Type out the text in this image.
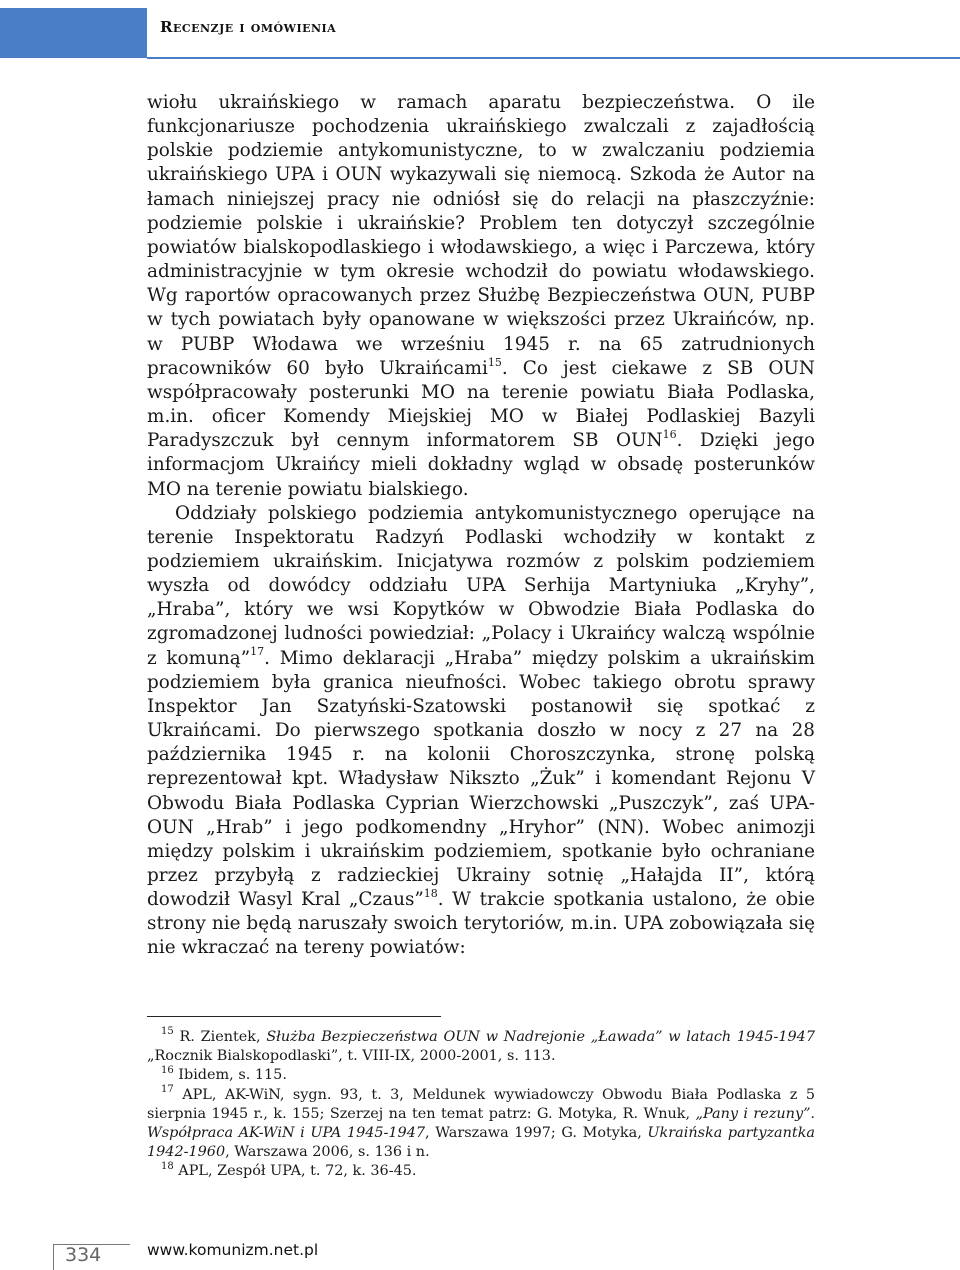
Recenzje i omówienia

wiołu ukraińskiego w ramach aparatu bezpieczeństwa. O ile funkcjonariusze pochodzenia ukraińskiego zwalczali z zajadłością polskie podziemie antykomunistyczne, to w zwalczaniu podziemia ukraińskiego UPA i OUN wykazywali się niemocą. Szkoda że Autor na łamach niniejszej pracy nie odniósł się do relacji na płaszczyźnie: podziemie polskie i ukraińskie? Problem ten dotyczył szczególnie powiatów bialskopodlaskiego i włodawskiego, a więc i Parczewa, który administracyjnie w tym okresie wchodził do powiatu włodawskiego. Wg raportów opracowanych przez Służbę Bezpieczeństwa OUN, PUBP w tych powiatach były opanowane w większości przez Ukraińców, np. w PUBP Włodawa we wrześniu 1945 r. na 65 zatrudnionych pracowników 60 było Ukraińcami$^{15}$. Co jest ciekawe z SB OUN współpracowały posterunki MO na terenie powiatu Biała Podlaska, m.in. oficer Komendy Miejskiej MO w Białej Podlaskiej Bazyli Paradyszczuk był cennym informatorem SB OUN$^{16}$. Dzięki jego informacjom Ukraińcy mieli dokładny wgląd w obsadę posterunków MO na terenie powiatu bialskiego.

Oddziały polskiego podziemia antykomunistycznego operujące na terenie Inspektoratu Radzyń Podlaski wchodziły w kontakt z podziemiem ukraińskim. Inicjatywa rozmów z polskim podziemiem wyszła od dowódcy oddziału UPA Serhija Martyniuka „Kryhy”, „Hraba”, który we wsi Kopytków w Obwodzie Biała Podlaska do zgromadzonej ludności powiedział: „Polacy i Ukraińcy walczą wspólnie z komuną”$^{17}$. Mimo deklaracji „Hraba” między polskim a ukraińskim podziemiem była granica nieufności. Wobec takiego obrotu sprawy Inspektor Jan Szatyński-Szatowski postanowił się spotkać z Ukraińcami. Do pierwszego spotkania doszło w nocy z 27 na 28 października 1945 r. na kolonii Choroszczynka, stronę polską reprezentował kpt. Władysław Nikszto „Żuk” i komendant Rejonu V Obwodu Biała Podlaska Cyprian Wierzchowski „Puszczyk”, zaś UPA-OUN „Hrab” i jego podkomendny „Hryhor” (NN). Wobec animozji między polskim i ukraińskim podziemiem, spotkanie było ochraniane przez przybyłą z radzieckiej Ukrainy sotnię „Hałajda II”, którą dowodził Wasyl Kral „Czaus”$^{18}$. W trakcie spotkania ustalono, że obie strony nie będą naruszały swoich terytoriów, m.in. UPA zobowiązała się nie wkraczać na tereny powiatów:

$^{15}$ R. Zientek, Służba Bezpieczeństwa OUN w Nadrejonie „Ławada” w latach 1945-1947 „Rocznik Bialskopodlaski”, t. VIII-IX, 2000-2001, s. 113.

$^{16}$ Ibidem, s. 115.

$^{17}$ APL, AK-WiN, sygn. 93, t. 3, Meldunek wywiadowczy Obwodu Biała Podlaska z 5 sierpnia 1945 r., k. 155; Szerzej na ten temat patrz: G. Motyka, R. Wnuk, „Pany i rezuny”. Współpraca AK-WiN i UPA 1945-1947, Warszawa 1997; G. Motyka, Ukraińska partyzantka 1942-1960, Warszawa 2006, s. 136 i n.

$^{18}$ APL, Zespół UPA, t. 72, k. 36-45.

334	www.komunizm.net.pl
